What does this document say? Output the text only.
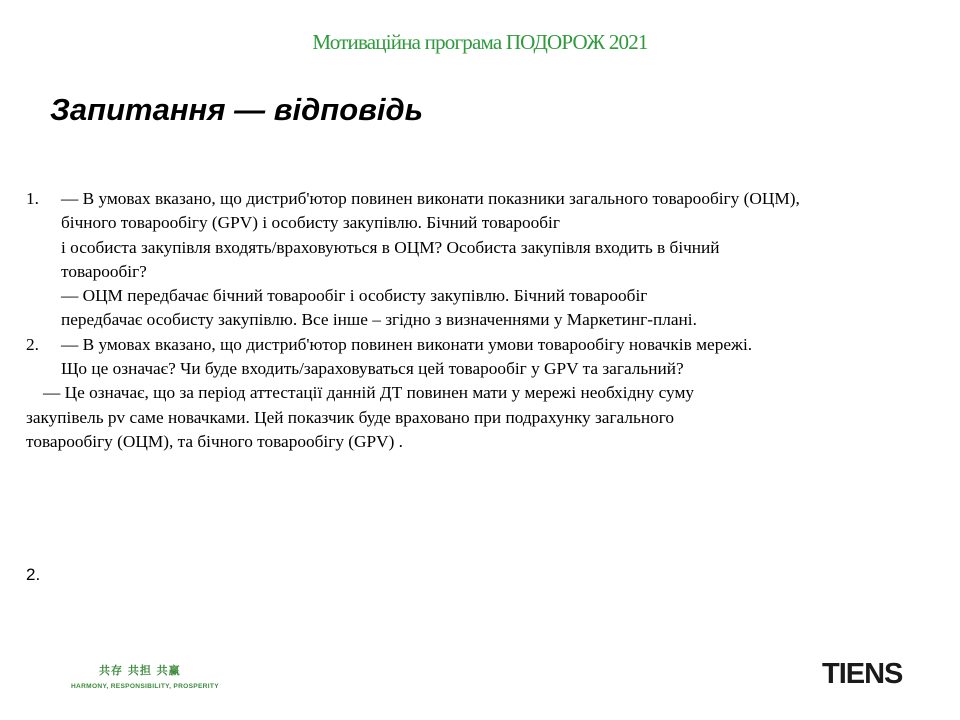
Мотиваційна програма ПОДОРОЖ 2021
Запитання — відповідь
1. — В умовах вказано, що дистриб'ютор повинен виконати показники загального товарообігу (ОЦМ),
бічного товарообігу (GPV) і особисту закупівлю. Бічний товарообіг
і особиста закупівля входять/враховуються в ОЦМ? Особиста закупівля входить в бічний
товарообіг?
— ОЦМ передбачає бічний товарообіг і особисту закупівлю. Бічний товарообіг
передбачає особисту закупівлю. Все інше – згідно з визначеннями у Маркетинг-плані.
2. — В умовах вказано, що дистриб'ютор повинен виконати умови товарообігу новачків мережі.
Що це означає? Чи буде входить/зараховуваться цей товарообіг у GPV та загальний?
— Це означає, що за період аттестації данній ДТ повинен мати у мережі необхідну суму
закупівель pv саме новачками. Цей показчик буде враховано при подрахунку загального
товарообігу (ОЦМ), та бічного товарообігу (GPV) .
2.
共存 共担 共赢
HARMONY, RESPONSIBILITY, PROSPERITY	TIENS
